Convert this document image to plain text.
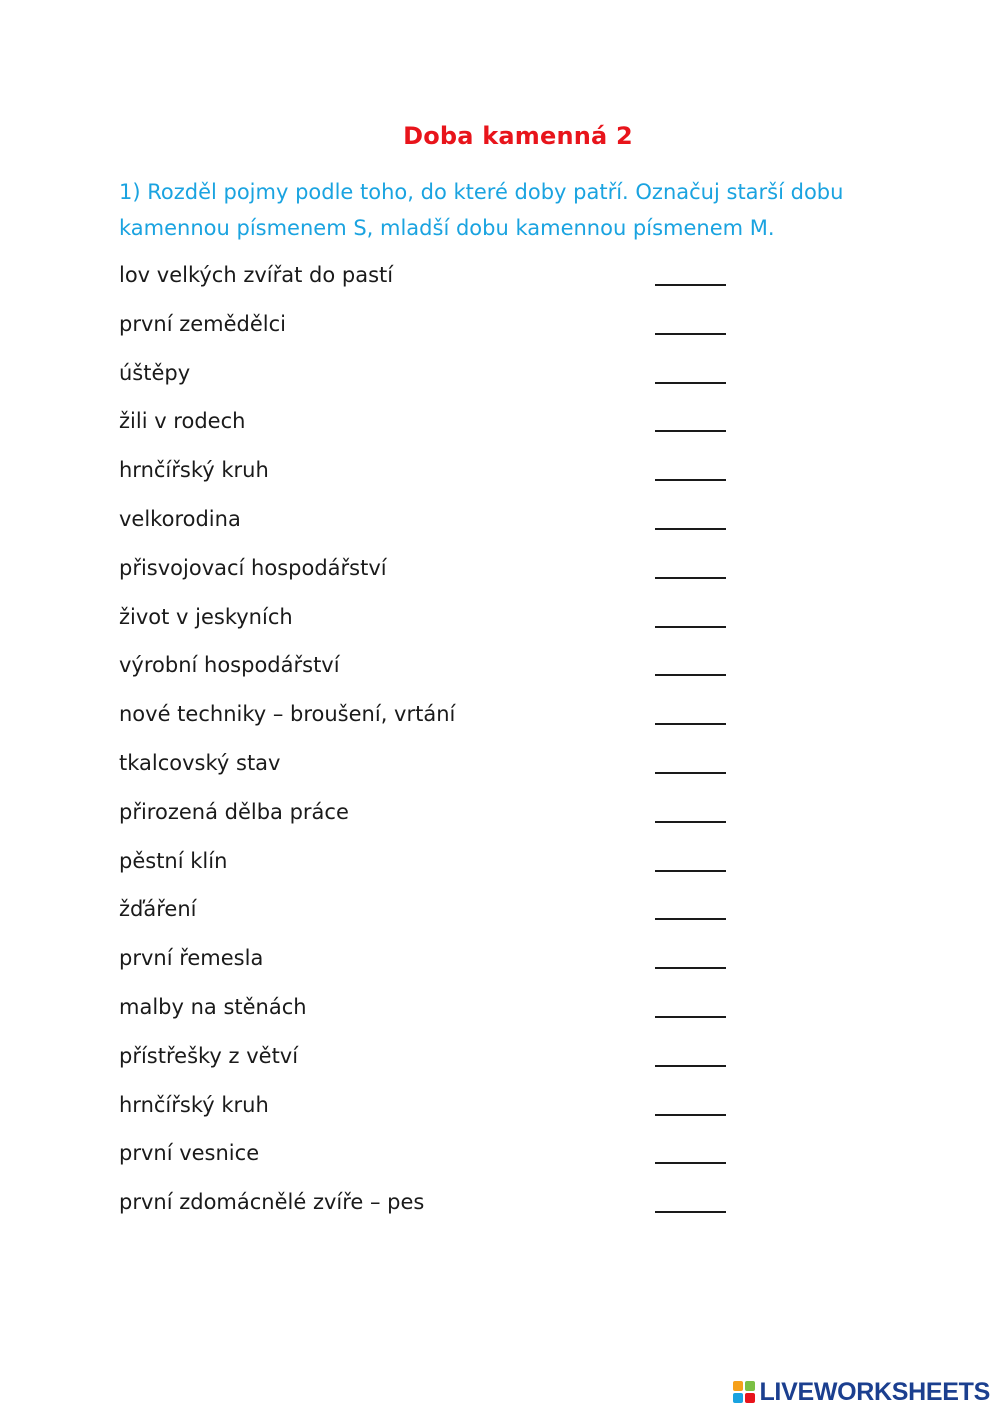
Doba kamenná 2
1) Rozděl pojmy podle toho, do které doby patří. Označuj starší dobu kamennou písmenem S, mladší dobu kamennou písmenem M.
lov velkých zvířat do pastí
první zemědělci
úštěpy
žili v rodech
hrnčířský kruh
velkorodina
přisvojovací hospodářství
život v jeskyních
výrobní hospodářství
nové techniky – broušení, vrtání
tkalcovský stav
přirozená dělba práce
pěstní klín
žďáření
první řemesla
malby na stěnách
přístřešky z větví
hrnčířský kruh
první vesnice
první zdomácnělé zvíře – pes
LIVEWORKSHEETS
